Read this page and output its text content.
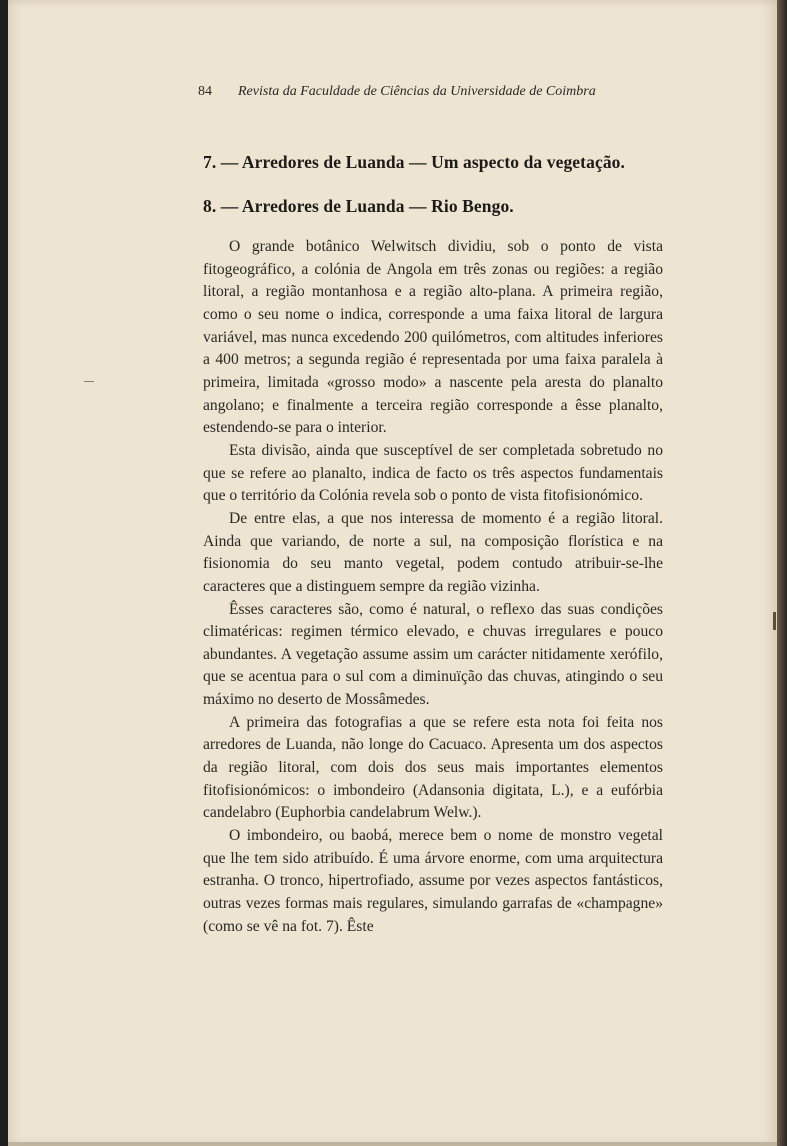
84 Revista da Faculdade de Ciências da Universidade de Coimbra
7. — Arredores de Luanda — Um aspecto da vegetação.
8. — Arredores de Luanda — Rio Bengo.

O grande botânico Welwitsch dividiu, sob o ponto de vista fitogeográfico, a colónia de Angola em três zonas ou regiões: a região litoral, a região montanhosa e a região alto-plana. A primeira região, como o seu nome o indica, corresponde a uma faixa litoral de largura variável, mas nunca excedendo 200 quilómetros, com altitudes inferiores a 400 metros; a segunda região é representada por uma faixa paralela à primeira, limitada «grosso modo» a nascente pela aresta do planalto angolano; e finalmente a terceira região corresponde a êsse planalto, estendendo-se para o interior.

Esta divisão, ainda que susceptível de ser completada sobretudo no que se refere ao planalto, indica de facto os três aspectos fundamentais que o território da Colónia revela sob o ponto de vista fitofisionómico.

De entre elas, a que nos interessa de momento é a região litoral. Ainda que variando, de norte a sul, na composição florística e na fisionomia do seu manto vegetal, podem contudo atribuir-se-lhe caracteres que a distinguem sempre da região vizinha.

Êsses caracteres são, como é natural, o reflexo das suas condições climatéricas: regimen térmico elevado, e chuvas irregulares e pouco abundantes. A vegetação assume assim um carácter nitidamente xerófilo, que se acentua para o sul com a diminuïção das chuvas, atingindo o seu máximo no deserto de Mossâmedes.

A primeira das fotografias a que se refere esta nota foi feita nos arredores de Luanda, não longe do Cacuaco. Apresenta um dos aspectos da região litoral, com dois dos seus mais importantes elementos fitofisionómicos: o imbondeiro (Adansonia digitata, L.), e a eufórbia candelabro (Euphorbia candelabrum Welw.).

O imbondeiro, ou baobá, merece bem o nome de monstro vegetal que lhe tem sido atribuído. É uma árvore enorme, com uma arquitectura estranha. O tronco, hipertrofiado, assume por vezes aspectos fantásticos, outras vezes formas mais regulares, simulando garrafas de «champagne» (como se vê na fot. 7). Êste
